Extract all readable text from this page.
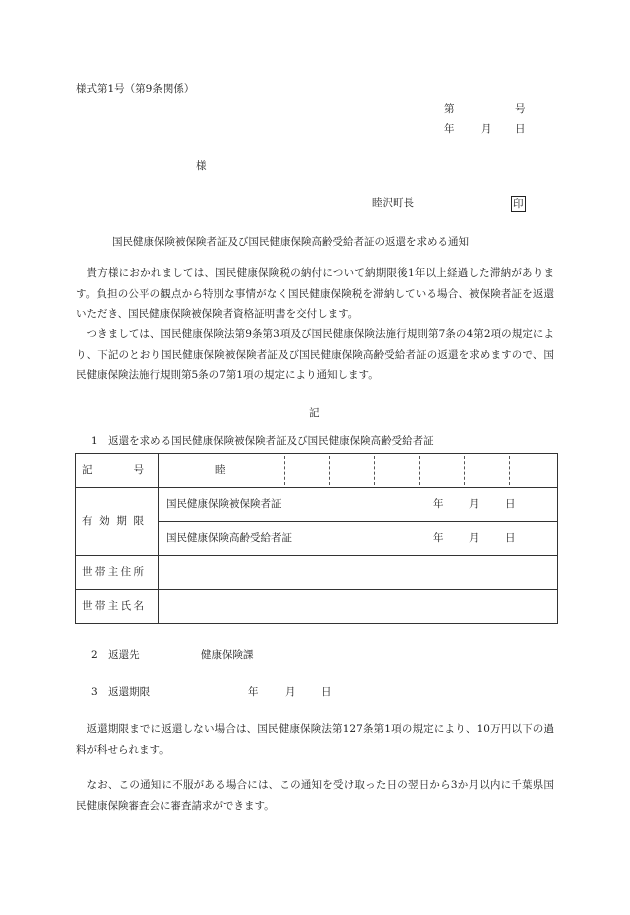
様式第1号（第9条関係）
第	号
年	月 日
様
睦沢町長	印
国民健康保険被保険者証及び国民健康保険高齢受給者証の返還を求める通知

貴方様におかれましては、国民健康保険税の納付について納期限後1年以上経過した滞納があります。負担の公平の観点から特別な事情がなく国民健康保険税を滞納している場合、被保険者証を返還いただき、国民健康保険被保険者資格証明書を交付します。

つきましては、国民健康保険法第9条第3項及び国民健康保険法施行規則第7条の4第2項の規定により、下記のとおり国民健康保険被保険者証及び国民健康保険高齢受給者証の返還を求めますので、国民健康保険法施行規則第5条の7第1項の規定により通知します。

記
1　返還を求める国民健康保険被保険者証及び国民健康保険高齢受給者証
記　号	睦

有効期限	国民健康保険被保険者証 年 月 日

	国民健康保険高齢受給者証 年 月 日

世帯主住所	
世帯主氏名	
2　返還先	健康保険課
3　返還期限	年	月 日

返還期限までに返還しない場合は、国民健康保険法第127条第1項の規定により、10万円以下の過料が科せられます。

なお、この通知に不服がある場合には、この通知を受け取った日の翌日から3か月以内に千葉県国民健康保険審査会に審査請求ができます。
